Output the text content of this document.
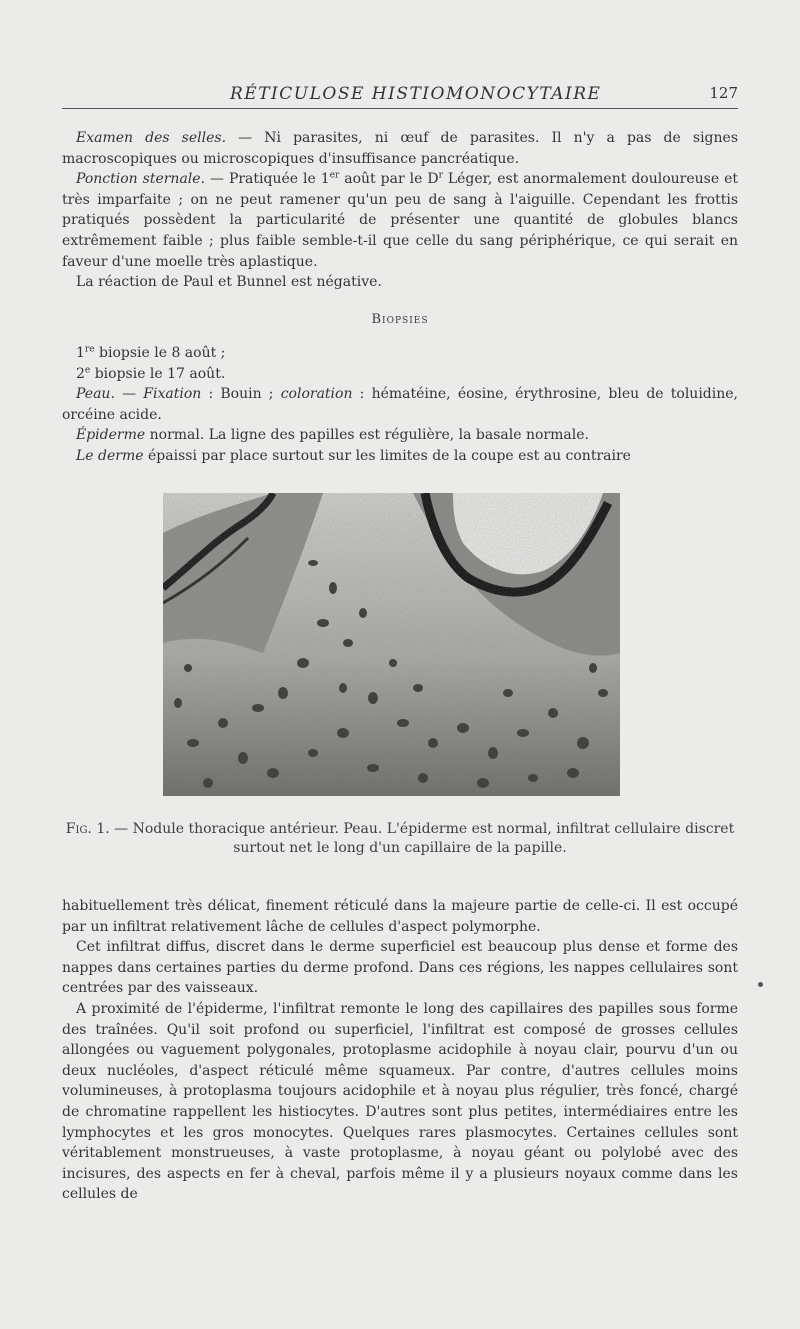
RÉTICULOSE HISTIOMONOCYTAIRE	127

Examen des selles. — Ni parasites, ni œuf de parasites. Il n'y a pas de signes macroscopiques ou microscopiques d'insuffisance pancréatique.

Ponction sternale. — Pratiquée le 1er août par le $D^r$ Léger, est anormalement douloureuse et très imparfaite ; on ne peut ramener qu'un peu de sang à l'aiguille. Cependant les frottis pratiqués possèdent la particularité de présenter une quantité de globules blancs extrêmement faible ; plus faible semble-t-il que celle du sang périphérique, ce qui serait en faveur d'une moelle très aplastique.

La réaction de Paul et Bunnel est négative.

Biopsies

1re biopsie le 8 août ;

2e biopsie le 17 août.

Peau. — Fixation : Bouin ; coloration : hématéine, éosine, érythrosine, bleu de toluidine, orcéine acide.

Épiderme normal. La ligne des papilles est régulière, la basale normale.

Le derme épaissi par place surtout sur les limites de la coupe est au contraire

Fig. 1. — Nodule thoracique antérieur. Peau. L'épiderme est normal, infiltrat cellulaire discret surtout net le long d'un capillaire de la papille.

habituellement très délicat, finement réticulé dans la majeure partie de celle-ci. Il est occupé par un infiltrat relativement lâche de cellules d'aspect polymorphe.

Cet infiltrat diffus, discret dans le derme superficiel est beaucoup plus dense et forme des nappes dans certaines parties du derme profond. Dans ces régions, les nappes cellulaires sont centrées par des vaisseaux.

A proximité de l'épiderme, l'infiltrat remonte le long des capillaires des papilles sous forme des traînées. Qu'il soit profond ou superficiel, l'infiltrat est composé de grosses cellules allongées ou vaguement polygonales, protoplasme acidophile à noyau clair, pourvu d'un ou deux nucléoles, d'aspect réticulé même squameux. Par contre, d'autres cellules moins volumineuses, à protoplasma toujours acidophile et à noyau plus régulier, très foncé, chargé de chromatine rappellent les histiocytes. D'autres sont plus petites, intermédiaires entre les lymphocytes et les gros monocytes. Quelques rares plasmocytes. Certaines cellules sont véritablement monstrueuses, à vaste protoplasme, à noyau géant ou polylobé avec des incisures, des aspects en fer à cheval, parfois même il y a plusieurs noyaux comme dans les cellules de
